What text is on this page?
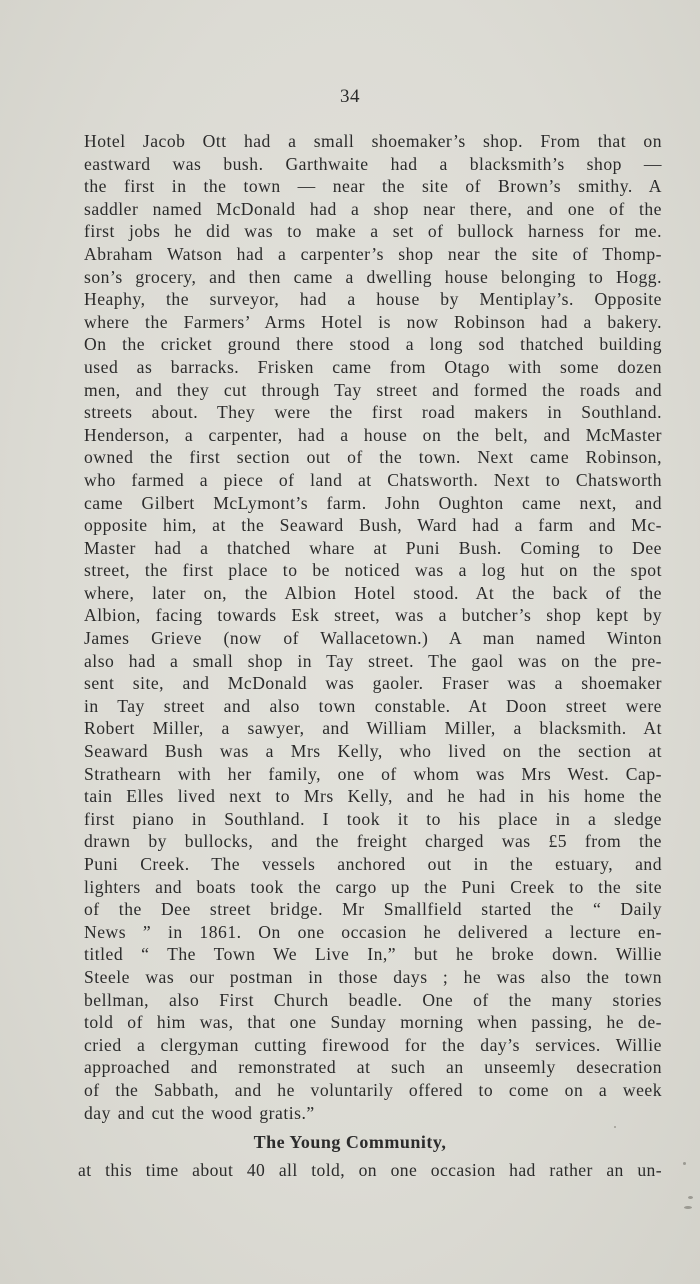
34
Hotel Jacob Ott had a small shoemaker’s shop. From that on
eastward was bush. Garthwaite had a blacksmith’s shop —
the first in the town — near the site of Brown’s smithy. A
saddler named McDonald had a shop near there, and one of the
first jobs he did was to make a set of bullock harness for me.
Abraham Watson had a carpenter’s shop near the site of Thomp-
son’s grocery, and then came a dwelling house belonging to Hogg.
Heaphy, the surveyor, had a house by Mentiplay’s. Opposite
where the Farmers’ Arms Hotel is now Robinson had a bakery.
On the cricket ground there stood a long sod thatched building
used as barracks. Frisken came from Otago with some dozen
men, and they cut through Tay street and formed the roads and
streets about. They were the first road makers in Southland.
Henderson, a carpenter, had a house on the belt, and McMaster
owned the first section out of the town. Next came Robinson,
who farmed a piece of land at Chatsworth. Next to Chatsworth
came Gilbert McLymont’s farm. John Oughton came next, and
opposite him, at the Seaward Bush, Ward had a farm and Mc-
Master had a thatched whare at Puni Bush. Coming to Dee
street, the first place to be noticed was a log hut on the spot
where, later on, the Albion Hotel stood. At the back of the
Albion, facing towards Esk street, was a butcher’s shop kept by
James Grieve (now of Wallacetown.) A man named Winton
also had a small shop in Tay street. The gaol was on the pre-
sent site, and McDonald was gaoler. Fraser was a shoemaker
in Tay street and also town constable. At Doon street were
Robert Miller, a sawyer, and William Miller, a blacksmith. At
Seaward Bush was a Mrs Kelly, who lived on the section at
Strathearn with her family, one of whom was Mrs West. Cap-
tain Elles lived next to Mrs Kelly, and he had in his home the
first piano in Southland. I took it to his place in a sledge
drawn by bullocks, and the freight charged was £5 from the
Puni Creek. The vessels anchored out in the estuary, and
lighters and boats took the cargo up the Puni Creek to the site
of the Dee street bridge. Mr Smallfield started the “ Daily
News ” in 1861. On one occasion he delivered a lecture en-
titled “ The Town We Live In,” but he broke down. Willie
Steele was our postman in those days ; he was also the town
bellman, also First Church beadle. One of the many stories
told of him was, that one Sunday morning when passing, he de-
cried a clergyman cutting firewood for the day’s services. Willie
approached and remonstrated at such an unseemly desecration
of the Sabbath, and he voluntarily offered to come on a week
day and cut the wood gratis.”
The Young Community,
at this time about 40 all told, on one occasion had rather an un-
